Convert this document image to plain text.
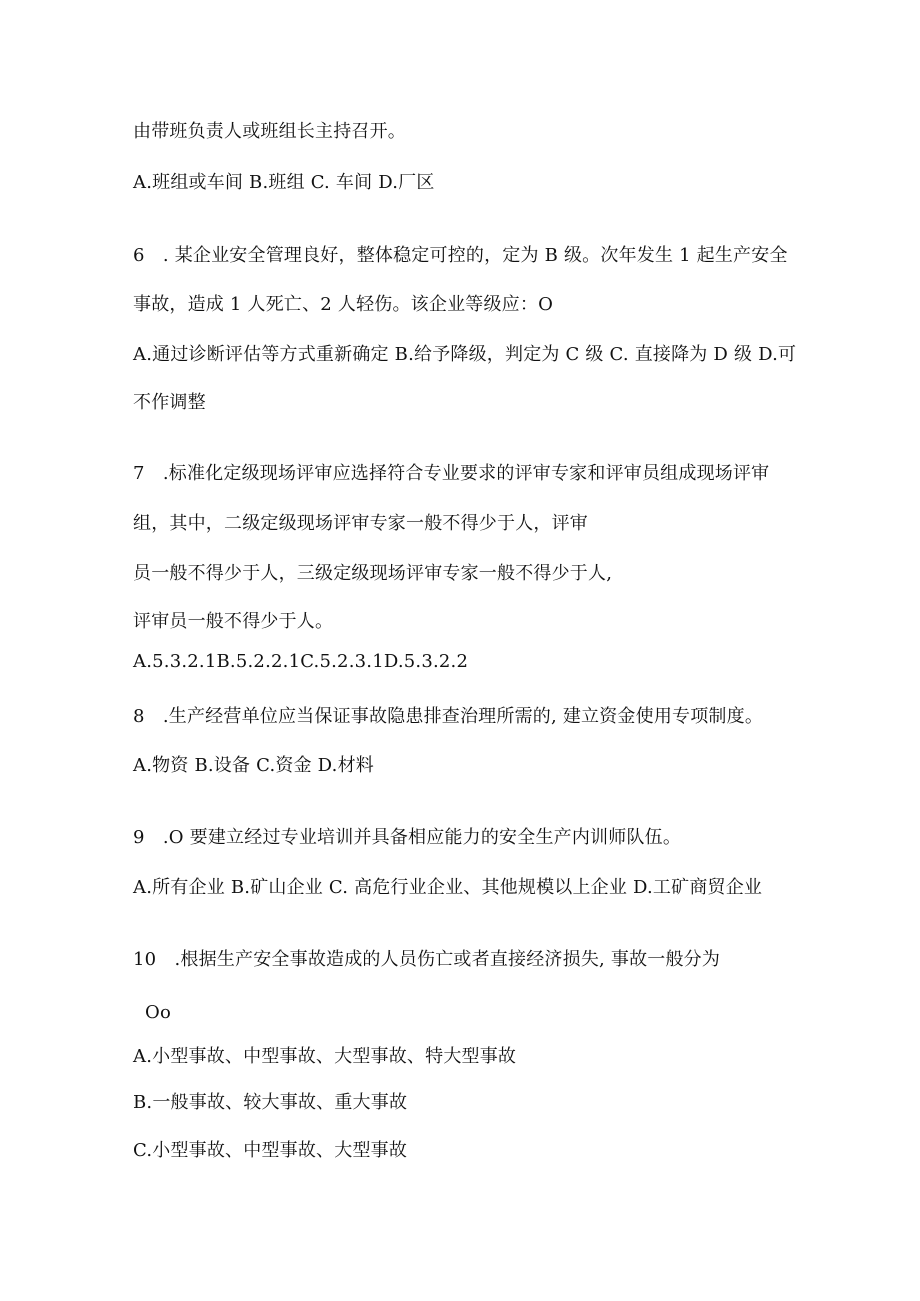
由带班负责人或班组长主持召开。
A.班组或车间 B.班组 C. 车间 D.厂区
6　. 某企业安全管理良好，整体稳定可控的，定为 B 级。次年发生 1 起生产安全
事故，造成 1 人死亡、2 人轻伤。该企业等级应：O
A.通过诊断评估等方式重新确定 B.给予降级，判定为 C 级 C. 直接降为 D 级 D.可
不作调整
7　.标准化定级现场评审应选择符合专业要求的评审专家和评审员组成现场评审
组，其中，二级定级现场评审专家一般不得少于人，评审
员一般不得少于人，三级定级现场评审专家一般不得少于人,
评审员一般不得少于人。
A.5.3.2.1B.5.2.2.1C.5.2.3.1D.5.3.2.2
8　.生产经营单位应当保证事故隐患排查治理所需的, 建立资金使用专项制度。
A.物资 B.设备 C.资金 D.材料
9　.O 要建立经过专业培训并具备相应能力的安全生产内训师队伍。
A.所有企业 B.矿山企业 C. 高危行业企业、其他规模以上企业 D.工矿商贸企业
10　.根据生产安全事故造成的人员伤亡或者直接经济损失, 事故一般分为
Oo
A.小型事故、中型事故、大型事故、特大型事故
B.一般事故、较大事故、重大事故
C.小型事故、中型事故、大型事故
